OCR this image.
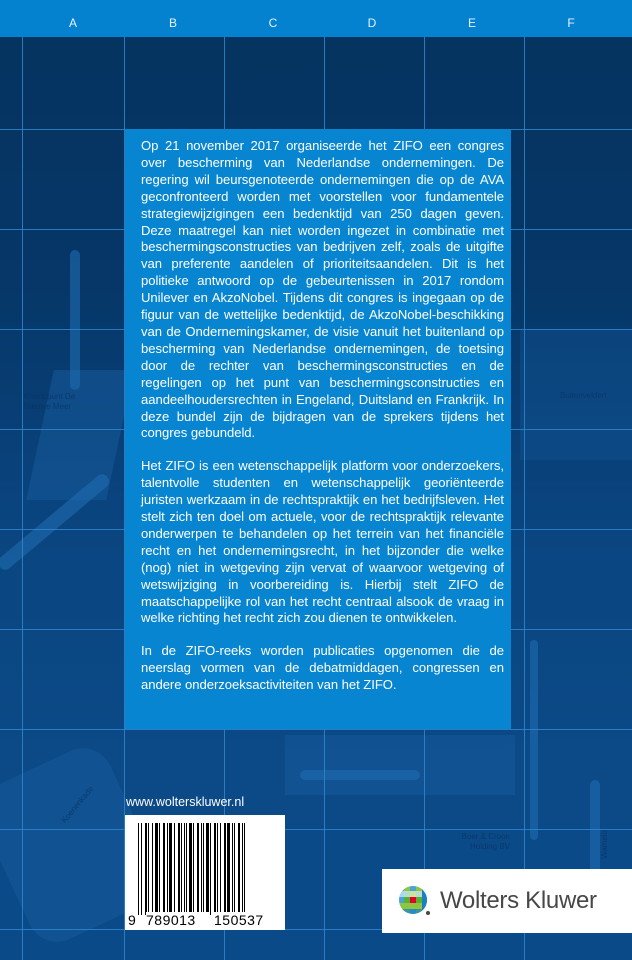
Knooppunt De Nieuwe Meer
Buitenveldert
Koenenkade
Wamelo
Boer & Croon Holding BV
A	B	C	D	E	F

Op 21 november 2017 organiseerde het ZIFO een congres over bescherming van Nederlandse ondernemingen. De regering wil beursgenoteerde ondernemingen die op de AVA geconfronteerd worden met voorstellen voor fundamentele strategiewijzigingen een bedenktijd van 250 dagen geven. Deze maatregel kan niet worden ingezet in combinatie met beschermingsconstructies van bedrijven zelf, zoals de uitgifte van preferente aandelen of prioriteitsaandelen. Dit is het politieke antwoord op de gebeurtenissen in 2017 rondom Unilever en AkzoNobel. Tijdens dit congres is ingegaan op de figuur van de wettelijke bedenktijd, de AkzoNobel-beschikking van de Ondernemingskamer, de visie vanuit het buitenland op bescherming van Nederlandse ondernemingen, de toetsing door de rechter van beschermingsconstructies en de regelingen op het punt van beschermingsconstructies en aandeelhoudersrechten in Engeland, Duitsland en Frankrijk. In deze bundel zijn de bijdragen van de sprekers tijdens het congres gebundeld.

Het ZIFO is een wetenschappelijk platform voor onderzoekers, talentvolle studenten en wetenschappelijk georiënteerde juristen werkzaam in de rechtspraktijk en het bedrijfsleven. Het stelt zich ten doel om actuele, voor de rechtspraktijk relevante onderwerpen te behandelen op het terrein van het financiële recht en het ondernemingsrecht, in het bijzonder die welke (nog) niet in wetgeving zijn vervat of waarvoor wetgeving of wetswijziging in voorbereiding is. Hierbij stelt ZIFO de maatschappelijke rol van het recht centraal alsook de vraag in welke richting het recht zich zou dienen te ontwikkelen.

In de ZIFO-reeks worden publicaties opgenomen die de neerslag vormen van de debatmiddagen, congressen en andere onderzoeksactiviteiten van het ZIFO.

www.wolterskluwer.nl
9 789013 150537
Wolters Kluwer
